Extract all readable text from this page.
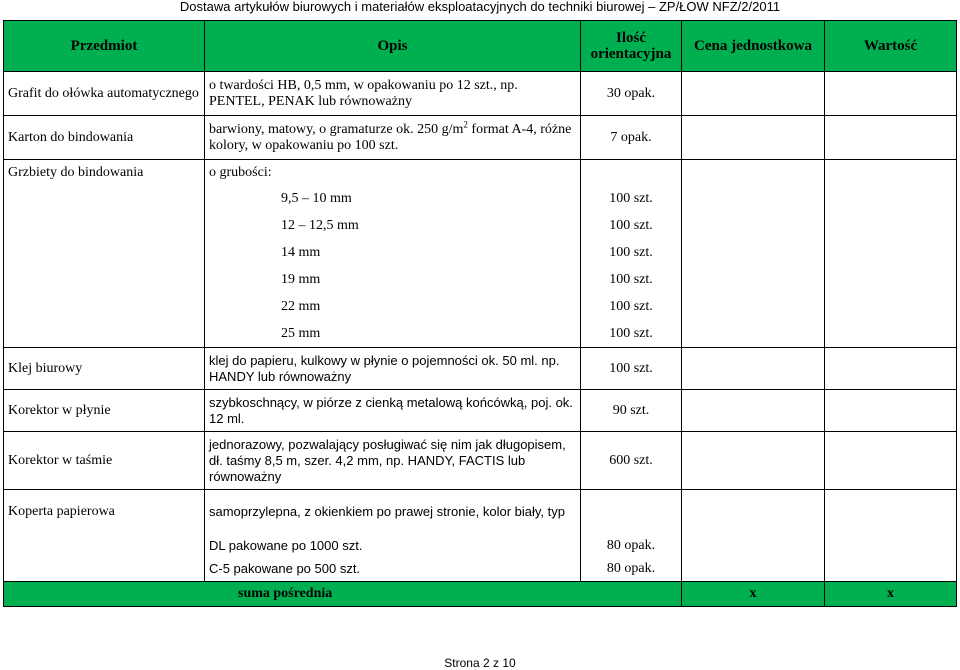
Dostawa artykułów biurowych i materiałów eksploatacyjnych do techniki biurowej – ZP/ŁOW NFZ/2/2011
Przedmiot	Opis	Ilość orientacyjna	Cena jednostkowa	Wartość
Grafit do ołówka automatycznego	o twardości HB, 0,5 mm, w opakowaniu po 12 szt., np. PENTEL, PENAK lub równoważny	30 opak.		
Karton do bindowania	barwiony, matowy, o gramaturze ok. 250 $g/m^2$ format A-4, różne kolory, w opakowaniu po 100 szt.	7 opak.		
Grzbiety do bindowania	o grubości:			
	9,5 – 10 mm	100 szt.		
	12 – 12,5 mm	100 szt.		
	14 mm	100 szt.		
	19 mm	100 szt.		
	22 mm	100 szt.		
	25 mm	100 szt.		
Klej biurowy	klej do papieru, kulkowy w płynie o pojemności ok. 50 ml. np. HANDY lub równoważny	100 szt.		
Korektor w płynie	szybkoschnący, w piórze z cienką metalową końcówką, poj. ok. 12 ml.	90 szt.		
Korektor w taśmie	jednorazowy, pozwalający posługiwać się nim jak długopisem, dł. taśmy 8,5 m, szer. 4,2 mm, np. HANDY, FACTIS lub równoważny	600 szt.		
Koperta papierowa	samoprzylepna, z okienkiem po prawej stronie, kolor biały, typ			
	DL pakowane po 1000 szt.	80 opak.		
	C-5 pakowane po 500 szt.	80 opak.		
suma pośrednia			x	x
Strona 2 z 10
